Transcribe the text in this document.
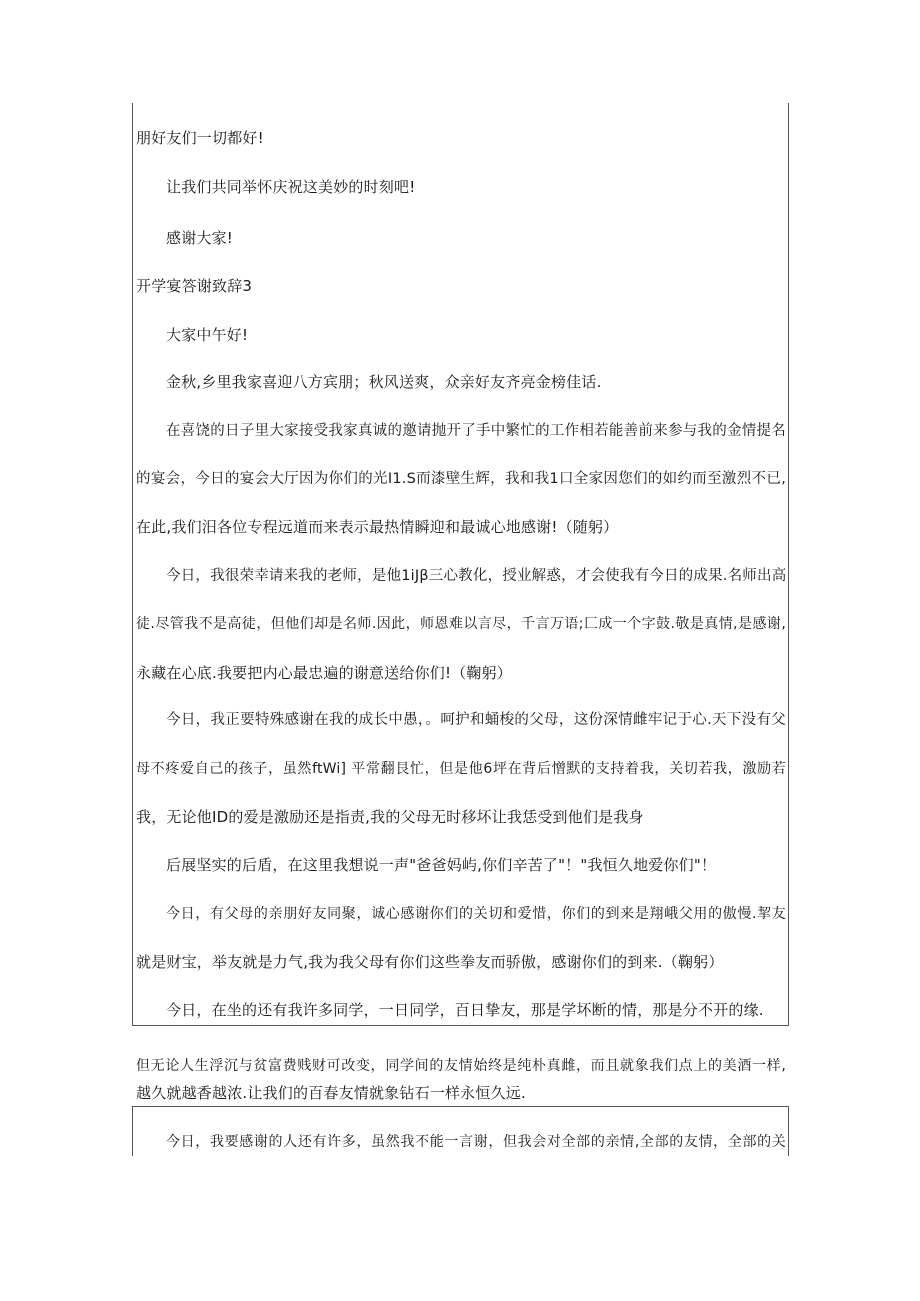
朋好友们一切都好!
让我们共同举怀庆祝这美妙的时刻吧!
感谢大家!
开学宴答谢致辞3
大家中午好!
金秋,乡里我家喜迎八方宾朋；秋风送爽，众亲好友齐亮金榜佳话.
在喜饶的日子里大家接受我家真诚的邀请抛开了手中繁忙的工作相若能善前来参与我的金情提名
的宴会，今日的宴会大厅因为你们的光I1.S而漆壁生辉，我和我1口全家因您们的如约而至激烈不已,
在此,我们汨各位专程远道而来表示最热情瞬迎和最诚心地感谢!（随躬）
今日，我很荣幸请来我的老师，是他1iJβ三心教化，授业解惑，才会使我有今日的成果.名师出高
徒.尽管我不是高徒，但他们却是名师.因此，师恩难以言尽，千言万语;匚成一个字鼓.敬是真情,是感谢,
永藏在心底.我要把内心最忠遍的谢意送给你们!（鞠躬）
今日，我正要特殊感谢在我的成长中愚，。呵护和蛹梭的父母，这份深情雌牢记于心.天下没有父
母不疼爱自己的孩子，虽然ftWi] 平常翻艮忙，但是他6坪在背后憎默的支持着我，关切若我，激励若
我，无论他ID的爱是激励还是指责,我的父母无时移坏让我恁受到他们是我身
后展坚实的后盾，在这里我想说一声"爸爸妈屿,你们辛苦了"！"我恒久地爱你们"！
今日，有父母的亲朋好友同聚，诚心感谢你们的关切和爱惜，你们的到来是翔峨父用的傲慢.挈友
就是财宝，举友就是力气,我为我父母有你们这些拳友而骄傲，感谢你们的到来.（鞠躬）
今日，在坐的还有我许多同学，一日同学，百日挚友，那是学坏断的情，那是分不开的缘.
但无论人生浮沉与贫富费贱财可改变，同学间的友情始终是纯朴真雌，而且就象我们点上的美酒一样,
越久就越香越浓.让我们的百春友情就象钻石一样永恒久远.
今日，我要感谢的人还有许多，虽然我不能一言谢，但我会对全部的亲情,全部的友情，全部的关
